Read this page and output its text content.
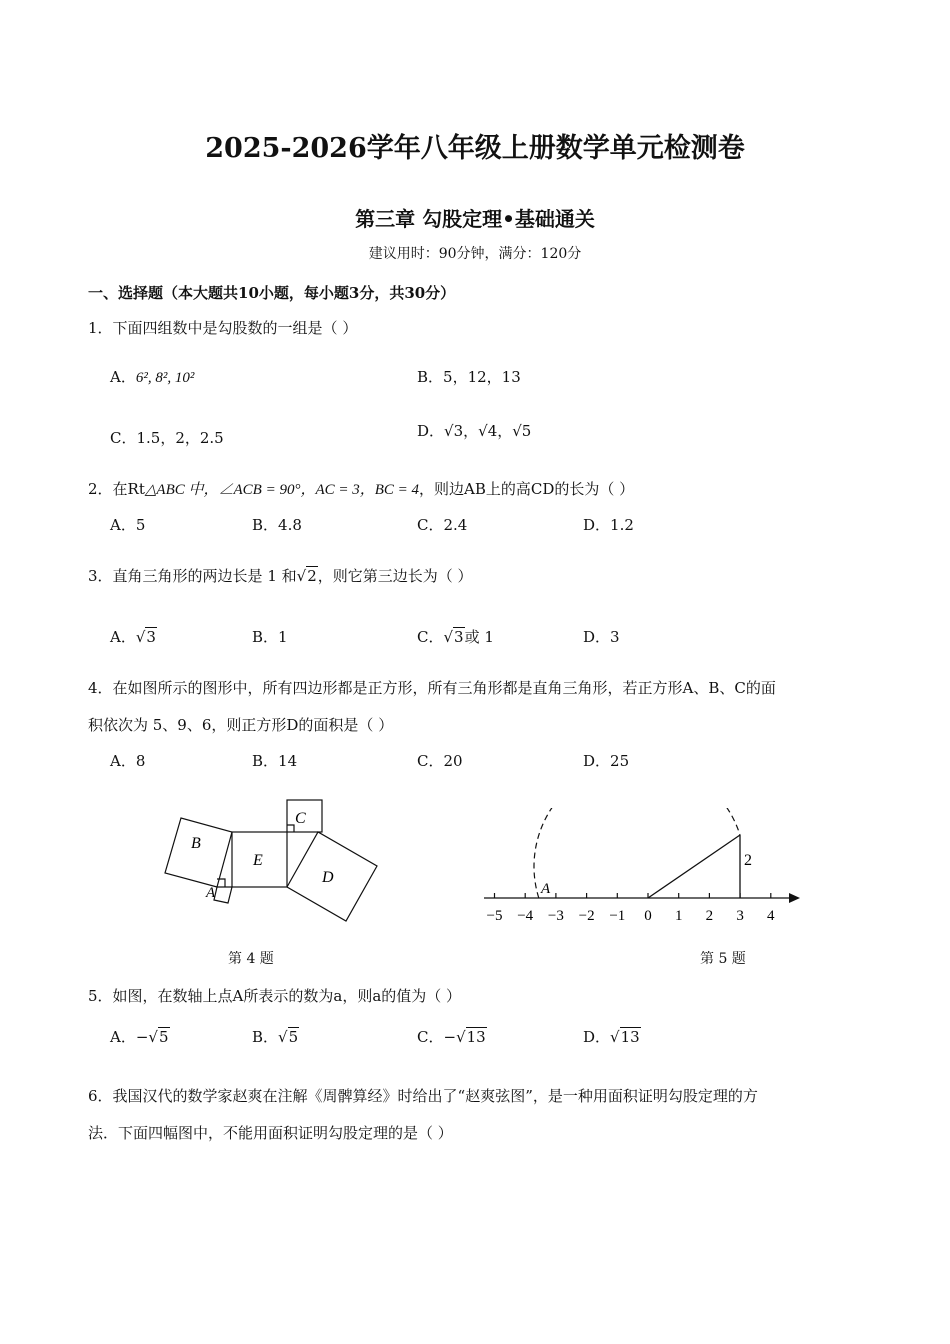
2025-2026学年八年级上册数学单元检测卷
第三章 勾股定理•基础通关
建议用时：90分钟，满分：120分
一、选择题（本大题共10小题，每小题3分，共30分）
1．下面四组数中是勾股数的一组是（ ）
A．6², 8², 10²	B．5，12，13
C．1.5，2，2.5	D．√3，√4，√5
2．在Rt△ABC 中，∠ACB = 90°，AC = 3，BC = 4，则边AB上的高CD的长为（ ）
A．5	B．4.8	C．2.4	D．1.2
3．直角三角形的两边长是 1 和√2，则它第三边长为（ ）
A．√3	B．1	C．√3或 1	D．3
4．在如图所示的图形中，所有四边形都是正方形，所有三角形都是直角三角形，若正方形A、B、C的面
积依次为 5、9、6，则正方形D的面积是（ ）
A．8	B．14	C．20	D．25
B
A
E
C
D
第 4 题
−5 −4 −3 −2 −1 0 1 2 3 4
2
A
第 5 题
5．如图，在数轴上点A所表示的数为a，则a的值为（ ）
A．−√5	B．√5	C．−√13	D．√13
6．我国汉代的数学家赵爽在注解《周髀算经》时给出了“赵爽弦图”，是一种用面积证明勾股定理的方
法．下面四幅图中，不能用面积证明勾股定理的是（ ）
